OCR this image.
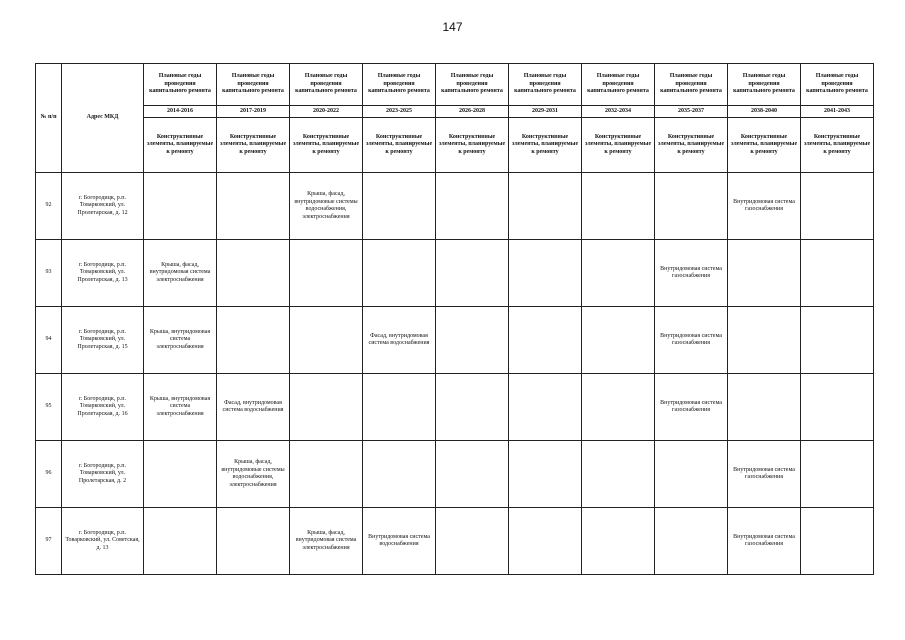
147
№ п/п	Адрес МКД	Плановые годы проведения капитального ремонта	Плановые годы проведения капитального ремонта	Плановые годы проведения капитального ремонта	Плановые годы проведения капитального ремонта	Плановые годы проведения капитального ремонта	Плановые годы проведения капитального ремонта	Плановые годы проведения капитального ремонта	Плановые годы проведения капитального ремонта	Плановые годы проведения капитального ремонта	Плановые годы проведения капитального ремонта
		2014-2016	2017-2019	2020-2022	2023-2025	2026-2028	2029-2031	2032-2034	2035-2037	2038-2040	2041-2043
		Конструктивные элементы, планируемые к ремонту	Конструктивные элементы, планируемые к ремонту	Конструктивные элементы, планируемые к ремонту	Конструктивные элементы, планируемые к ремонту	Конструктивные элементы, планируемые к ремонту	Конструктивные элементы, планируемые к ремонту	Конструктивные элементы, планируемые к ремонту	Конструктивные элементы, планируемые к ремонту	Конструктивные элементы, планируемые к ремонту	Конструктивные элементы, планируемые к ремонту
92	г. Богородицк, р.п. Товарковский, ул. Пролетарская, д. 12			Крыша, фасад, внутридомовые системы водоснабжения, электроснабжения						Внутридомовая система газоснабжения	
93	г. Богородицк, р.п. Товарковский, ул. Пролетарская, д. 13	Крыша, фасад, внутридомовая система электроснабжения							Внутридомовая система газоснабжения		
94	г. Богородицк, р.п. Товарковский, ул. Пролетарская, д. 15	Крыша, внутридомовая система электроснабжения			Фасад, внутридомовая система водоснабжения				Внутридомовая система газоснабжения		
95	г. Богородицк, р.п. Товарковский, ул. Пролетарская, д. 16	Крыша, внутридомовая система электроснабжения	Фасад, внутридомовая система водоснабжения						Внутридомовая система газоснабжения		
96	г. Богородицк, р.п. Товарковский, ул. Пролетарская, д. 2		Крыша, фасад, внутридомовые системы водоснабжения, электроснабжения							Внутридомовая система газоснабжения	
97	г. Богородицк, р.п. Товарковский, ул. Советская, д. 13			Крыша, фасад, внутридомовая система электроснабжения	Внутридомовая система водоснабжения					Внутридомовая система газоснабжения	
